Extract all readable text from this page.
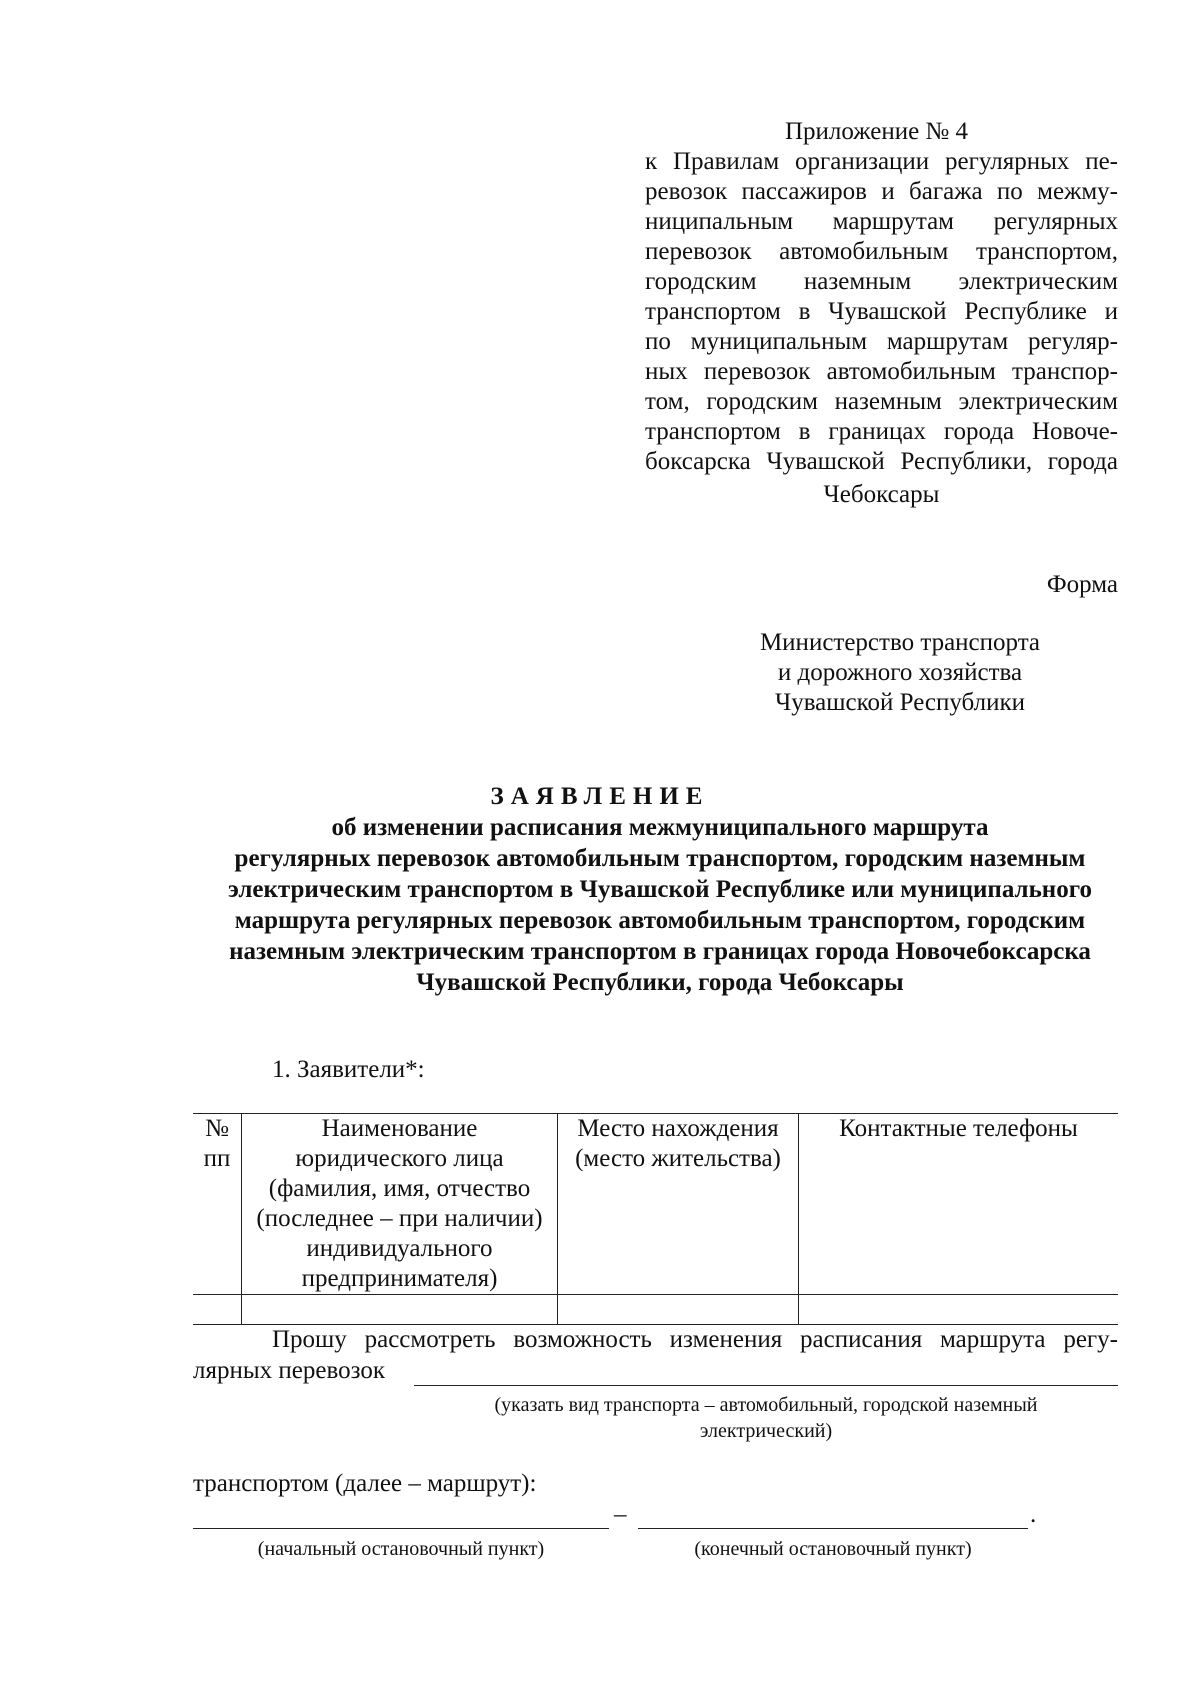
Приложение № 4
к Правилам организации регулярных пе-
ревозок пассажиров и багажа по межму-
ниципальным маршрутам регулярных
перевозок автомобильным транспортом,
городским наземным электрическим
транспортом в Чувашской Республике и
по муниципальным маршрутам регуляр-
ных перевозок автомобильным транспор-
том, городским наземным электрическим
транспортом в границах города Новоче-
боксарска Чувашской Республики, города
Чебоксары
Форма
Министерство транспорта
и дорожного хозяйства
Чувашской Республики
ЗАЯВЛЕНИЕ
об изменении расписания межмуниципального маршрута
регулярных перевозок автомобильным транспортом, городским наземным
электрическим транспортом в Чувашской Республике или муниципального
маршрута регулярных перевозок автомобильным транспортом, городским
наземным электрическим транспортом в границах города Новочебоксарска
Чувашской Республики, города Чебоксары
1. Заявители*:
№ пп	Наименование юридического лица (фамилия, имя, отчество (последнее – при наличии) индивидуального предпринимателя)	Место нахождения (место жительства)	Контактные телефоны

Прошу рассмотреть возможность изменения расписания маршрута регу-
лярных перевозок
(указать вид транспорта – автомобильный, городской наземный электрический)
транспортом (далее – маршрут):
–	.
(начальный остановочный пункт)	(конечный остановочный пункт)
